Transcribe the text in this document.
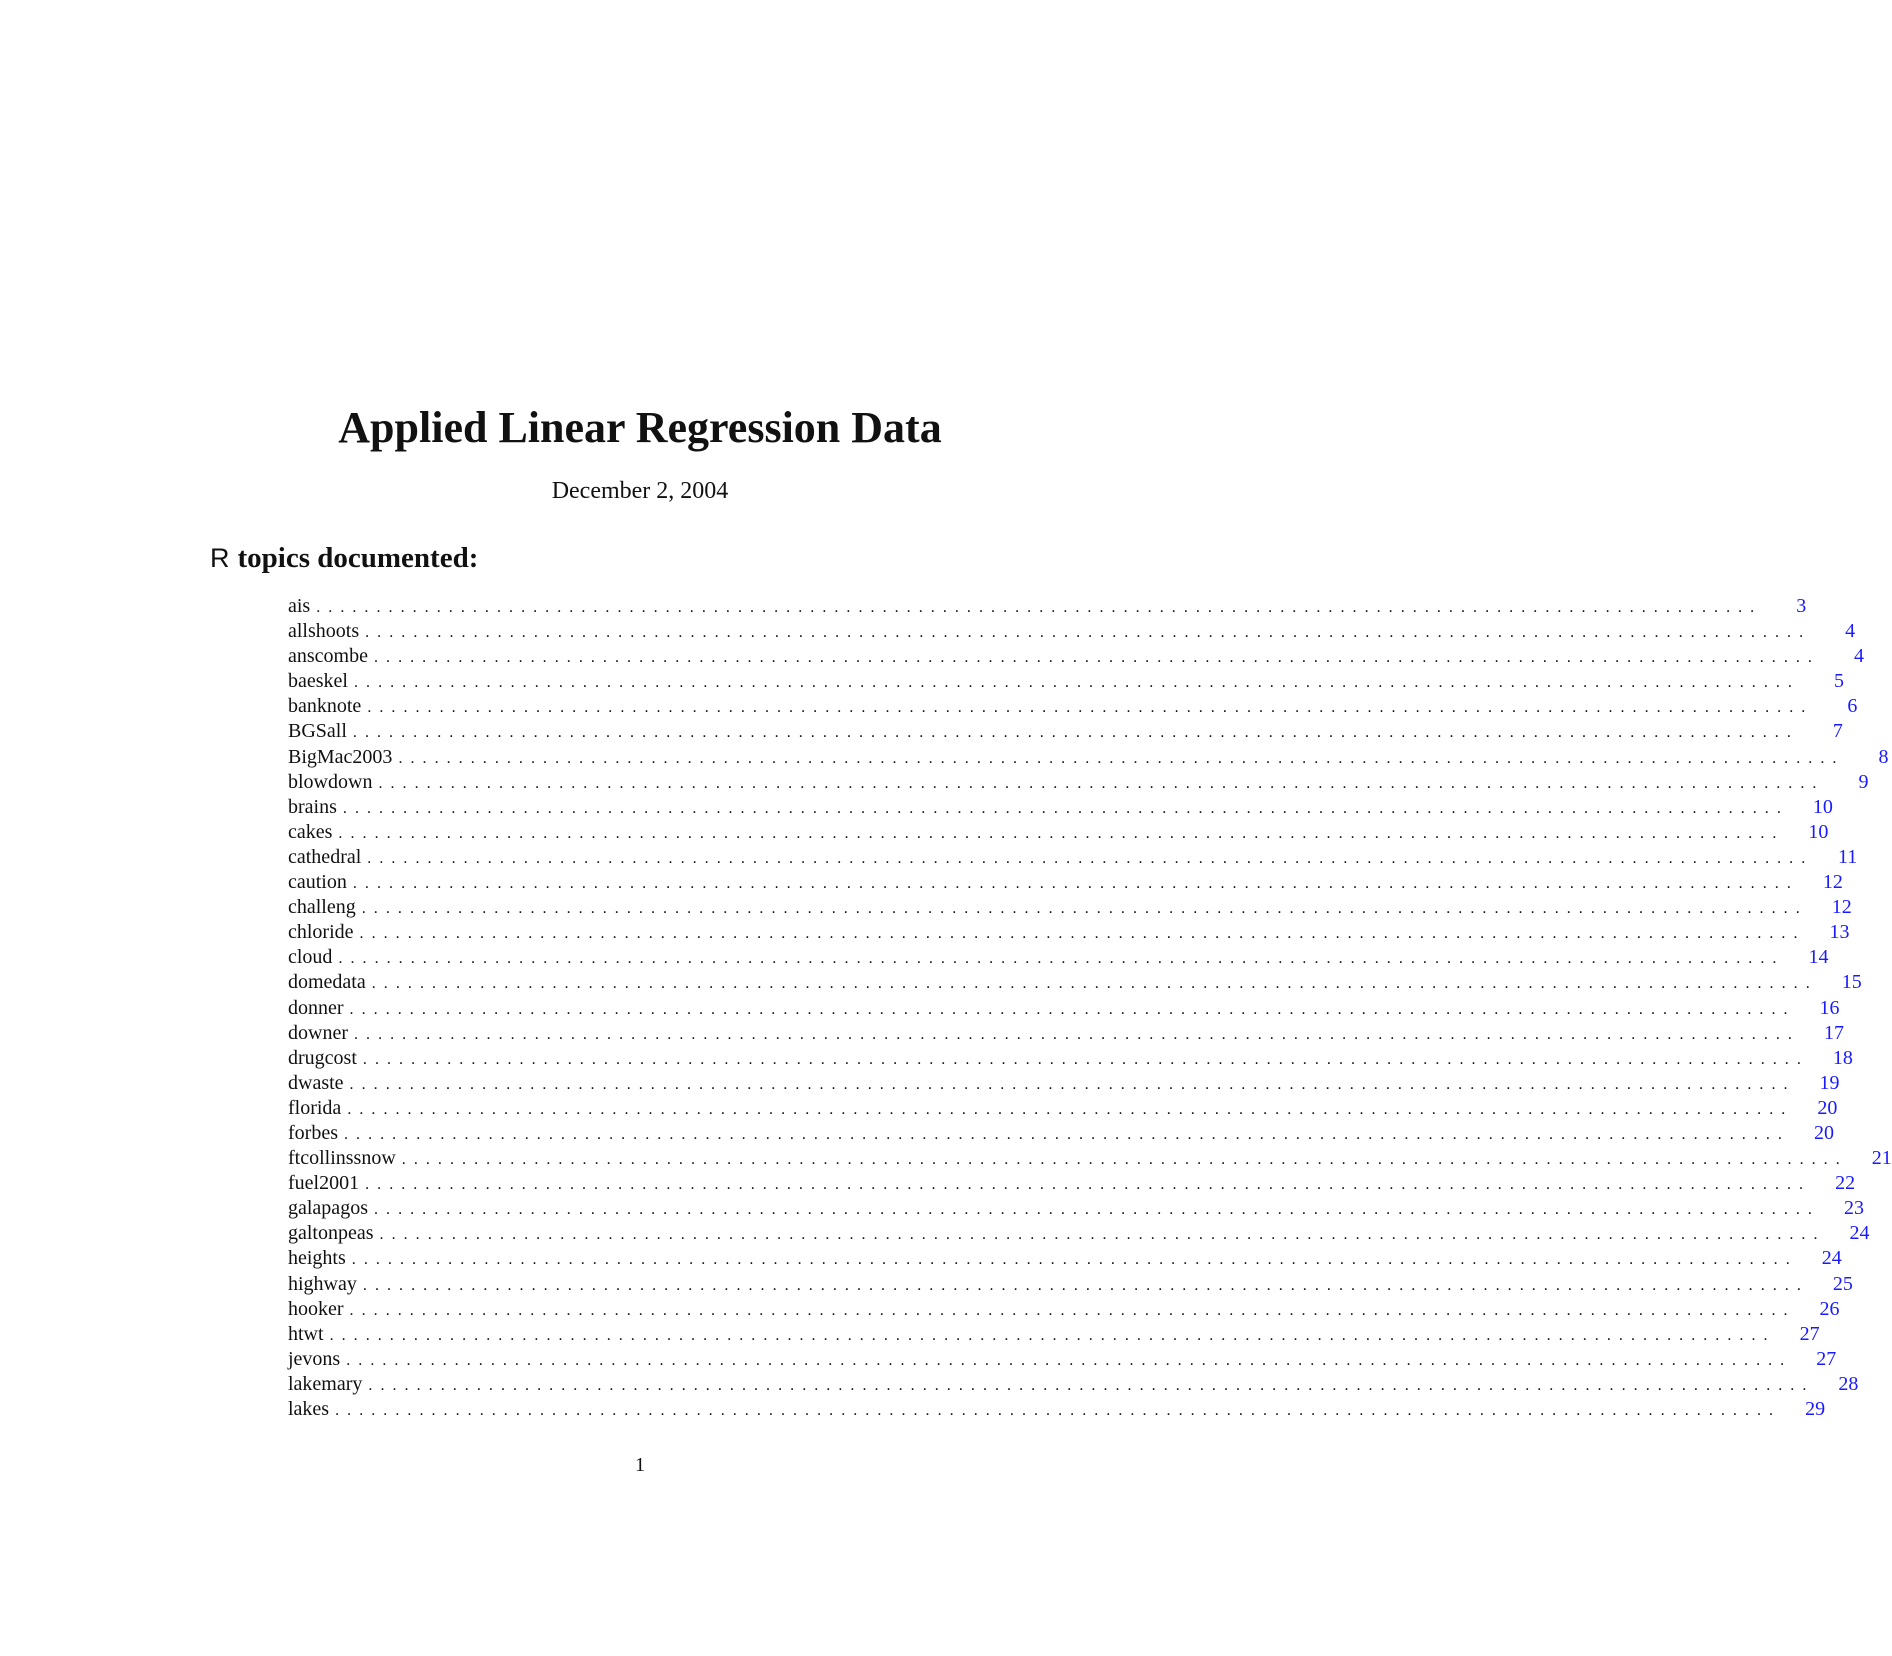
Applied Linear Regression Data
December 2, 2004
R topics documented:
ais ........................................................................................................................	3
allshoots ........................................................................................................................	4
anscombe ........................................................................................................................	4
baeskel ........................................................................................................................	5
banknote ........................................................................................................................	6
BGSall ........................................................................................................................	7
BigMac2003 ........................................................................................................................	8
blowdown ........................................................................................................................	9
brains ........................................................................................................................	10
cakes ........................................................................................................................	10
cathedral ........................................................................................................................	11
caution ........................................................................................................................	12
challeng ........................................................................................................................	12
chloride ........................................................................................................................	13
cloud ........................................................................................................................	14
domedata ........................................................................................................................	15
donner ........................................................................................................................	16
downer ........................................................................................................................	17
drugcost ........................................................................................................................	18
dwaste ........................................................................................................................	19
florida ........................................................................................................................	20
forbes ........................................................................................................................	20
ftcollinssnow ........................................................................................................................	21
fuel2001 ........................................................................................................................	22
galapagos ........................................................................................................................	23
galtonpeas ........................................................................................................................	24
heights ........................................................................................................................	24
highway ........................................................................................................................	25
hooker ........................................................................................................................	26
htwt ........................................................................................................................	27
jevons ........................................................................................................................	27
lakemary ........................................................................................................................	28
lakes ........................................................................................................................	29
1
